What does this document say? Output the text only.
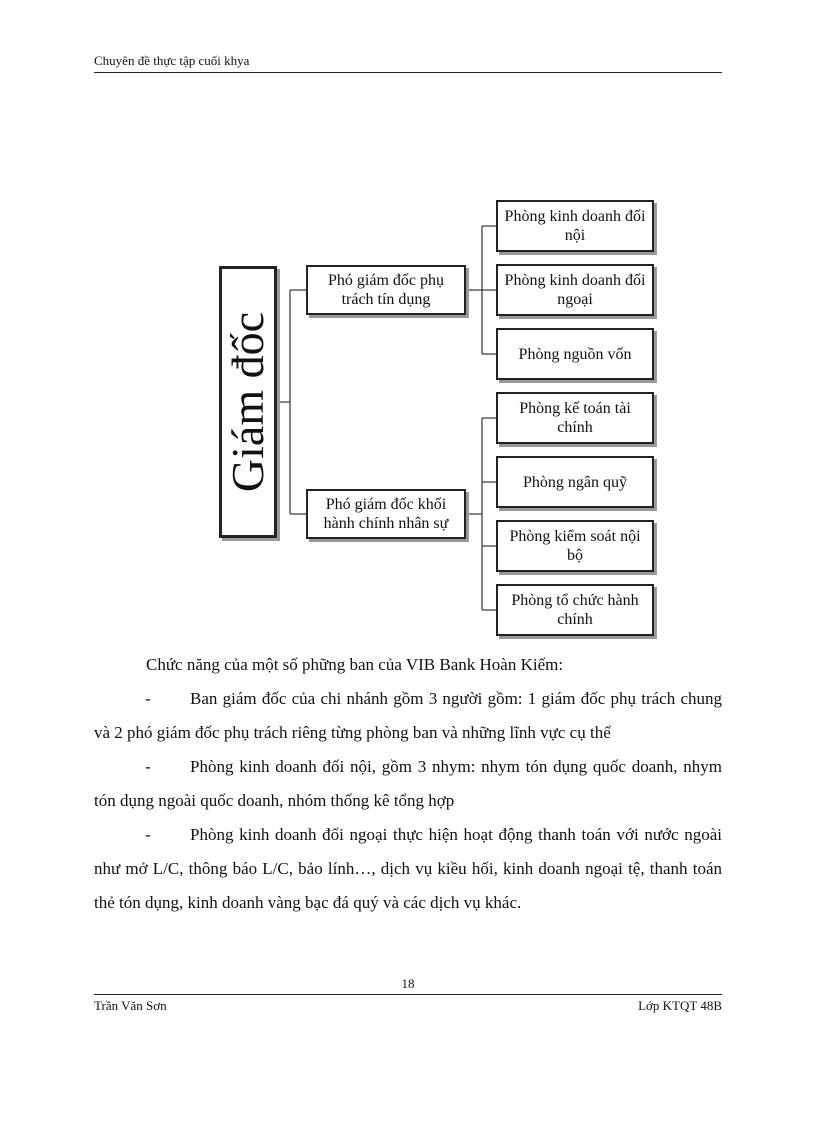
Chuyên đề thực tập cuối khya
Giám đốc
Phó giám đốc phụ trách tín dụng
Phó giám đốc khối hành chính nhân sự
Phòng kinh doanh đối nội
Phòng kinh doanh đối ngoại
Phòng nguồn vốn
Phòng kế toán tài chính
Phòng ngân quỹ
Phòng kiểm soát nội bộ
Phòng tổ chức hành chính
Chức năng của một số phững ban của VIB Bank Hoàn Kiếm:
- Ban giám đốc của chi nhánh gồm 3 người gồm: 1 giám đốc phụ trách chung và 2 phó giám đốc phụ trách riêng từng phòng ban và những lĩnh vực cụ thể
- Phòng kinh doanh đối nội, gồm 3 nhym: nhym tón dụng quốc doanh, nhym tón dụng ngoài quốc doanh, nhóm thống kê tổng hợp
- Phòng kinh doanh đối ngoại thực hiện hoạt động thanh toán với nước ngoài như mở L/C, thông báo L/C, bảo lính…, dịch vụ kiều hối, kinh doanh ngoại tệ, thanh toán thẻ tón dụng, kinh doanh vàng bạc đá quý và các dịch vụ khác.
18
Trần Văn Sơn	Lớp KTQT 48B
